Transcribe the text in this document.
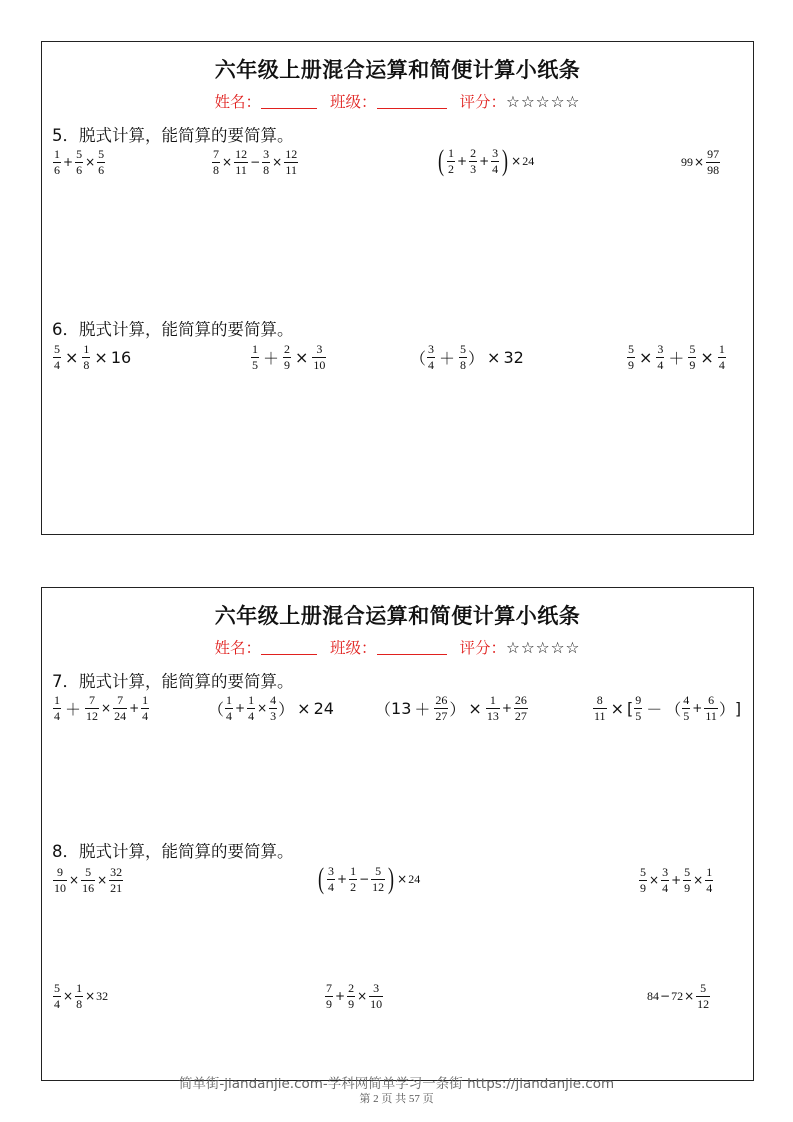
六年级上册混合运算和简便计算小纸条
姓名：	班级：	评分：☆☆☆☆☆
5．脱式计算，能简算的要简算。
$\frac{1}{6} + \frac{5}{6} \times \frac{5}{6}$	$\frac{7}{8} \times \frac{12}{11} - \frac{3}{8} \times \frac{12}{11}$	( $\frac{1}{2} + \frac{2}{3} + \frac{3}{4}$ ) × 24	$99 \times \frac{97}{98}$
6．脱式计算，能简算的要简算。
$\frac{5}{4} \times \frac{1}{8} \times 16$	$\frac{1}{5} + \frac{2}{9} \times \frac{3}{10}$	（ $\frac{3}{4} + \frac{5}{8}$ ） × 32	$\frac{5}{9} \times \frac{3}{4} + \frac{5}{9} \times \frac{1}{4}$
六年级上册混合运算和简便计算小纸条
姓名：	班级：	评分：☆☆☆☆☆
7．脱式计算，能简算的要简算。
$\frac{1}{4} + \frac{7}{12} \times \frac{7}{24} + \frac{1}{4}$	（ $\frac{1}{4} + \frac{1}{4} \times \frac{4}{3}$ ） × 24	（ $13 + \frac{26}{27}$ ） × $\frac{1}{13} + \frac{26}{27}$	$\frac{8}{11}$ × [ $\frac{9}{5}$ － （ $\frac{4}{5} + \frac{6}{11}$ ） ]
8．脱式计算，能简算的要简算。
$\frac{9}{10} \times \frac{5}{16} \times \frac{32}{21}$	( $\frac{3}{4} + \frac{1}{2} - \frac{5}{12}$ ) × 24	$\frac{5}{9} \times \frac{3}{4} + \frac{5}{9} \times \frac{1}{4}$
$\frac{5}{4} \times \frac{1}{8} \times 32$	$\frac{7}{9} + \frac{2}{9} \times \frac{3}{10}$	$84 - 72 \times \frac{5}{12}$
简单街-jiandanjie.com-学科网简单学习一条街 https://jiandanjie.com
第 2 页 共 57 页
